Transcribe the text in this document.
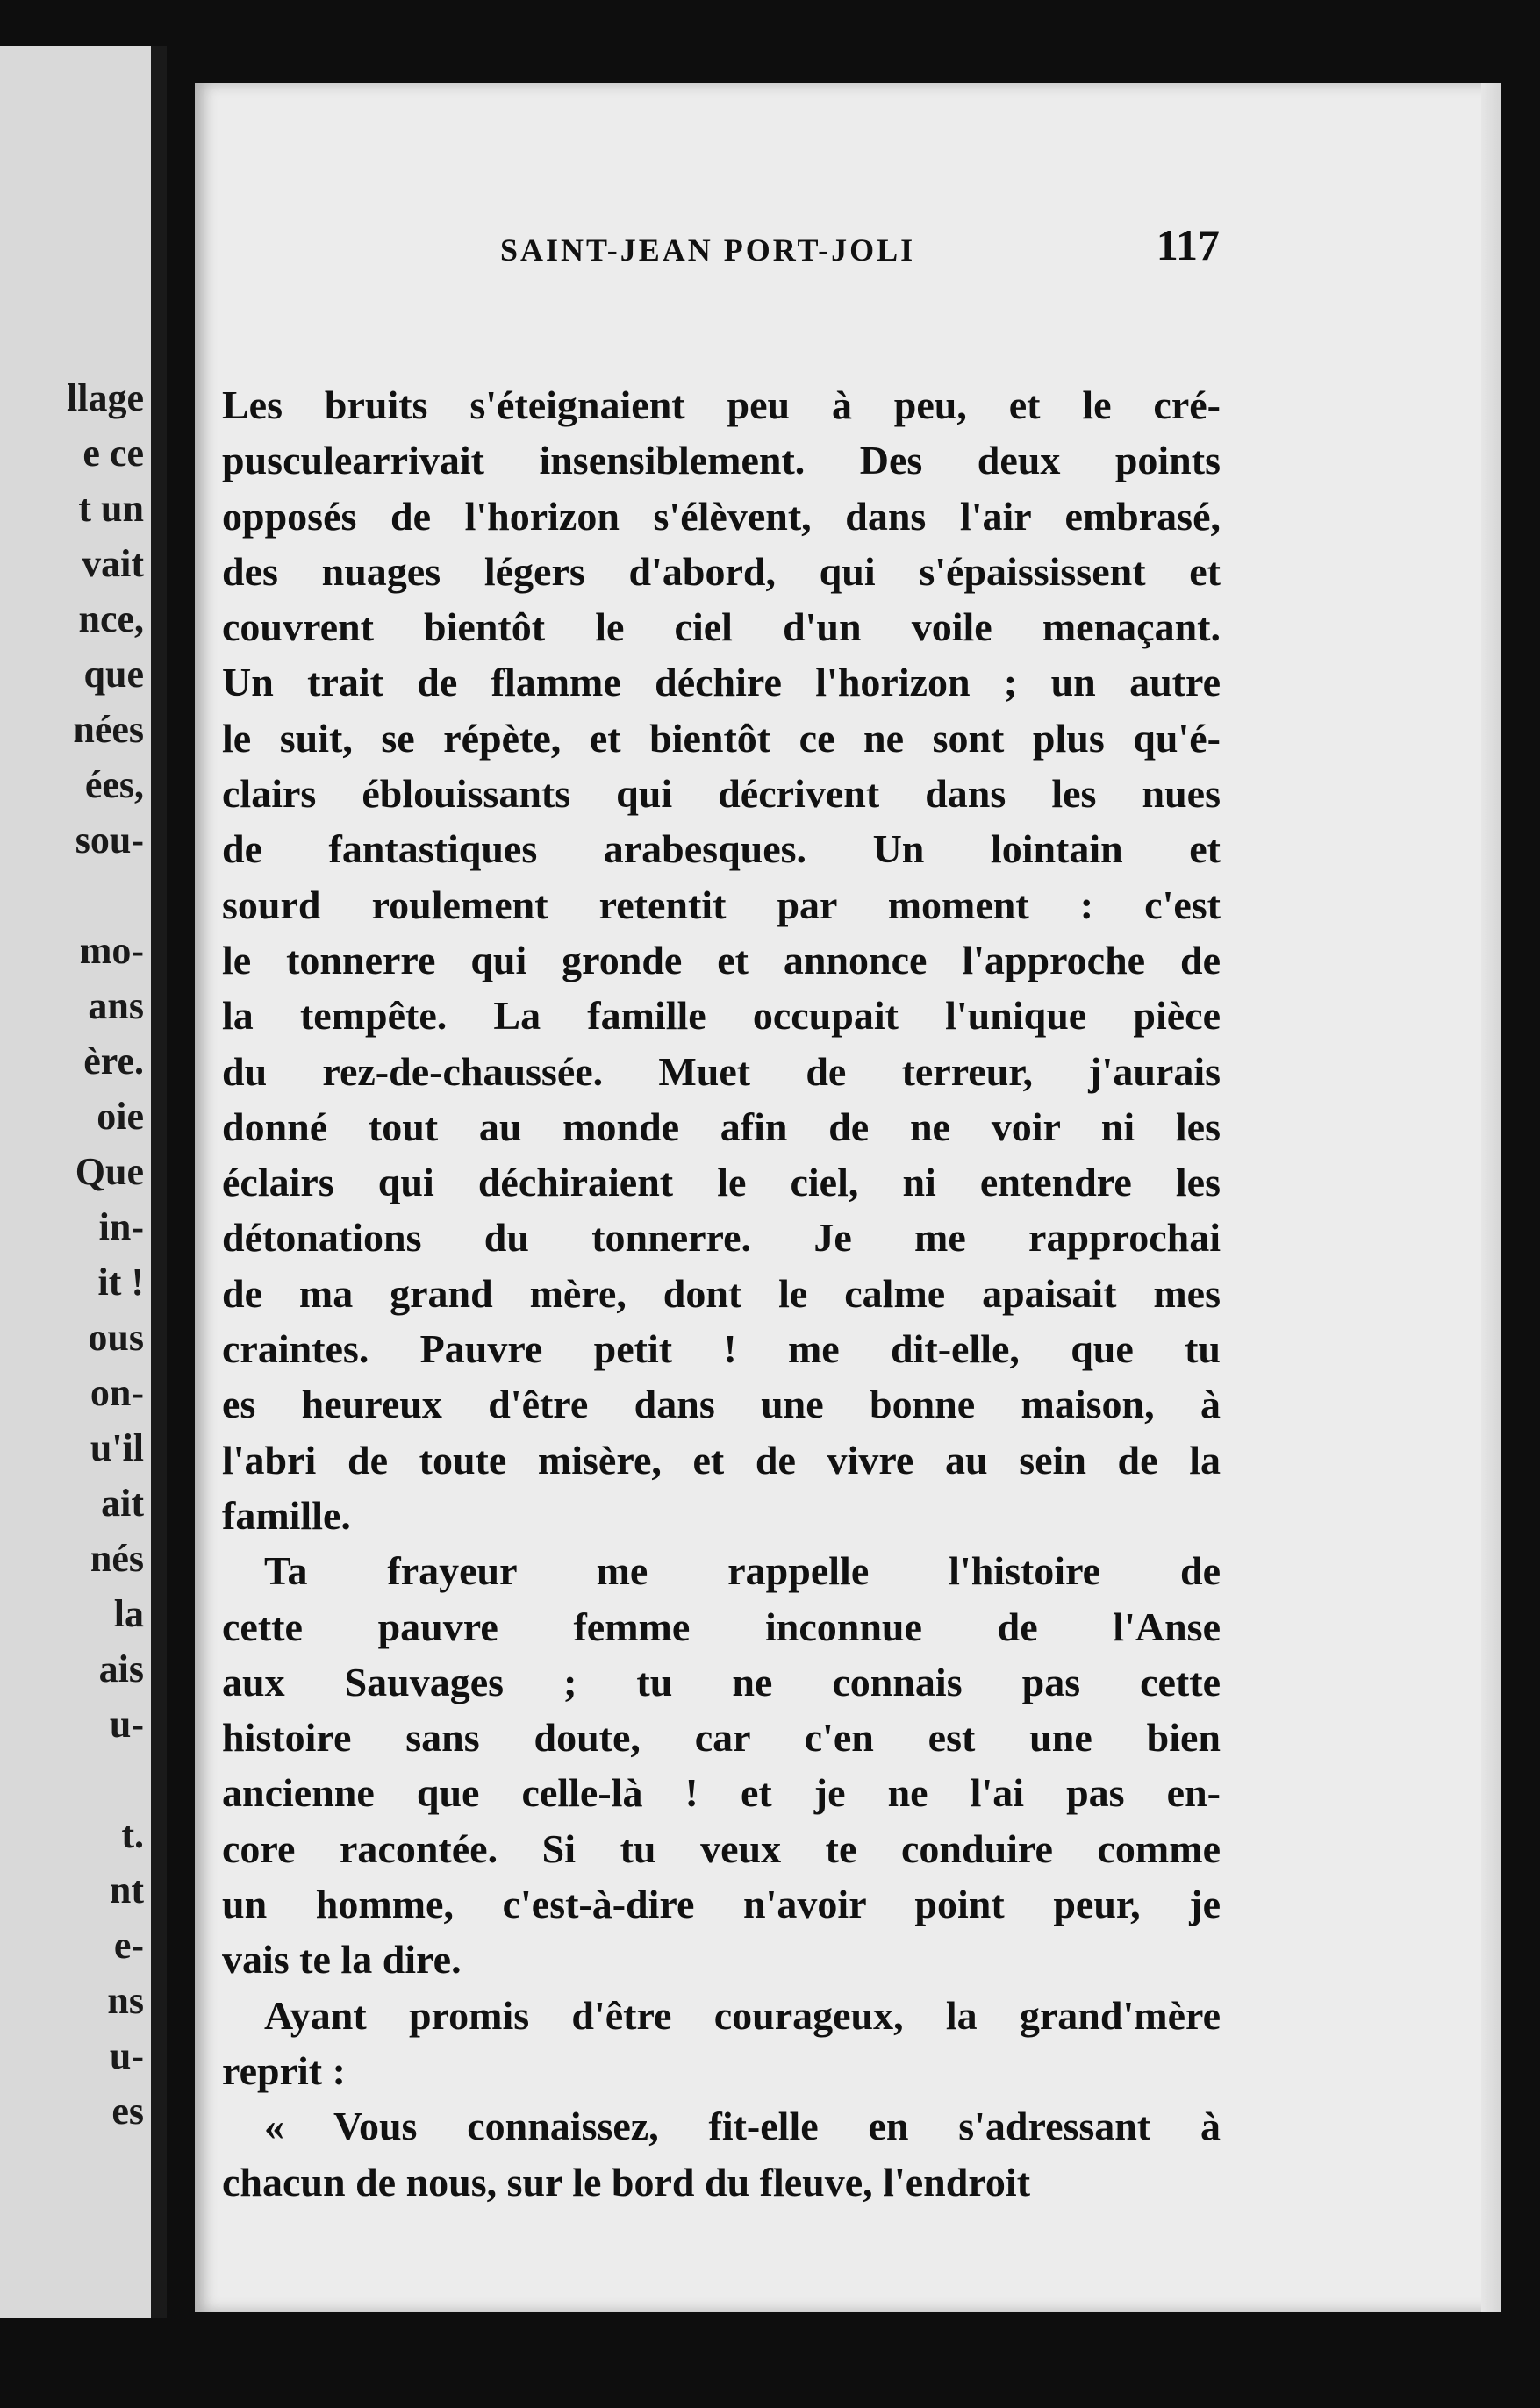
llage
e ce
t un
vait
nce,
que
nées
ées,
sou-
mo-
ans
ère.
oie
Que
in-
it !
ous
on-
u'il
ait
nés
la
ais
u-
t.
nt
e-
ns
u-
es
SAINT-JEAN PORT-JOLI	117
Les bruits s'éteignaient peu à peu, et le cré-
pusculearrivait insensiblement. Des deux points
opposés de l'horizon s'élèvent, dans l'air embrasé,
des nuages légers d'abord, qui s'épaississent et
couvrent bientôt le ciel d'un voile menaçant.
Un trait de flamme déchire l'horizon ; un autre
le suit, se répète, et bientôt ce ne sont plus qu'é-
clairs éblouissants qui décrivent dans les nues
de fantastiques arabesques. Un lointain et
sourd roulement retentit par moment : c'est
le tonnerre qui gronde et annonce l'approche de
la tempête. La famille occupait l'unique pièce
du rez-de-chaussée. Muet de terreur, j'aurais
donné tout au monde afin de ne voir ni les
éclairs qui déchiraient le ciel, ni entendre les
détonations du tonnerre. Je me rapprochai
de ma grand mère, dont le calme apaisait mes
craintes. Pauvre petit ! me dit-elle, que tu
es heureux d'être dans une bonne maison, à
l'abri de toute misère, et de vivre au sein de la
famille.
Ta frayeur me rappelle l'histoire de
cette pauvre femme inconnue de l'Anse
aux Sauvages ; tu ne connais pas cette
histoire sans doute, car c'en est une bien
ancienne que celle-là ! et je ne l'ai pas en-
core racontée. Si tu veux te conduire comme
un homme, c'est-à-dire n'avoir point peur, je
vais te la dire.
Ayant promis d'être courageux, la grand'mère
reprit :
« Vous connaissez, fit-elle en s'adressant à
chacun de nous, sur le bord du fleuve, l'endroit
